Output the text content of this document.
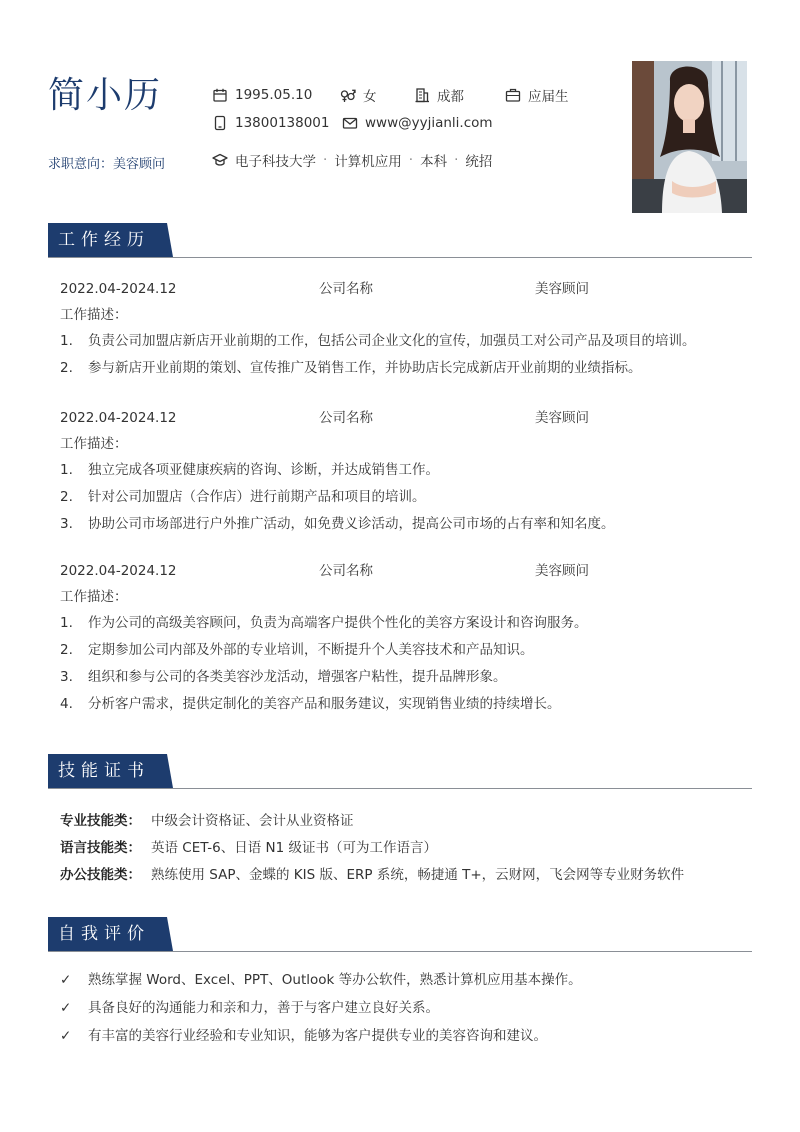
简小历
求职意向：美容顾问
1995.05.10	女	成都	应届生
13800138001	www@yyjianli.com
电子科技大学 · 计算机应用 · 本科 · 统招
工作经历
2022.04-2024.12	公司名称	美容顾问
工作描述：
1.	负责公司加盟店新店开业前期的工作，包括公司企业文化的宣传，加强员工对公司产品及项目的培训。
2.	参与新店开业前期的策划、宣传推广及销售工作，并协助店长完成新店开业前期的业绩指标。
2022.04-2024.12	公司名称	美容顾问
工作描述：
1.	独立完成各项亚健康疾病的咨询、诊断，并达成销售工作。
2.	针对公司加盟店（合作店）进行前期产品和项目的培训。
3.	协助公司市场部进行户外推广活动，如免费义诊活动，提高公司市场的占有率和知名度。
2022.04-2024.12	公司名称	美容顾问
工作描述：
1.	作为公司的高级美容顾问，负责为高端客户提供个性化的美容方案设计和咨询服务。
2.	定期参加公司内部及外部的专业培训，不断提升个人美容技术和产品知识。
3.	组织和参与公司的各类美容沙龙活动，增强客户粘性，提升品牌形象。
4.	分析客户需求，提供定制化的美容产品和服务建议，实现销售业绩的持续增长。
技能证书
专业技能类： 中级会计资格证、会计从业资格证
语言技能类： 英语 CET-6、日语 N1 级证书（可为工作语言）
办公技能类： 熟练使用 SAP、金蝶的 KIS 版、ERP 系统，畅捷通 T+，云财网，飞会网等专业财务软件
自我评价
✓	熟练掌握 Word、Excel、PPT、Outlook 等办公软件，熟悉计算机应用基本操作。
✓	具备良好的沟通能力和亲和力，善于与客户建立良好关系。
✓	有丰富的美容行业经验和专业知识，能够为客户提供专业的美容咨询和建议。
